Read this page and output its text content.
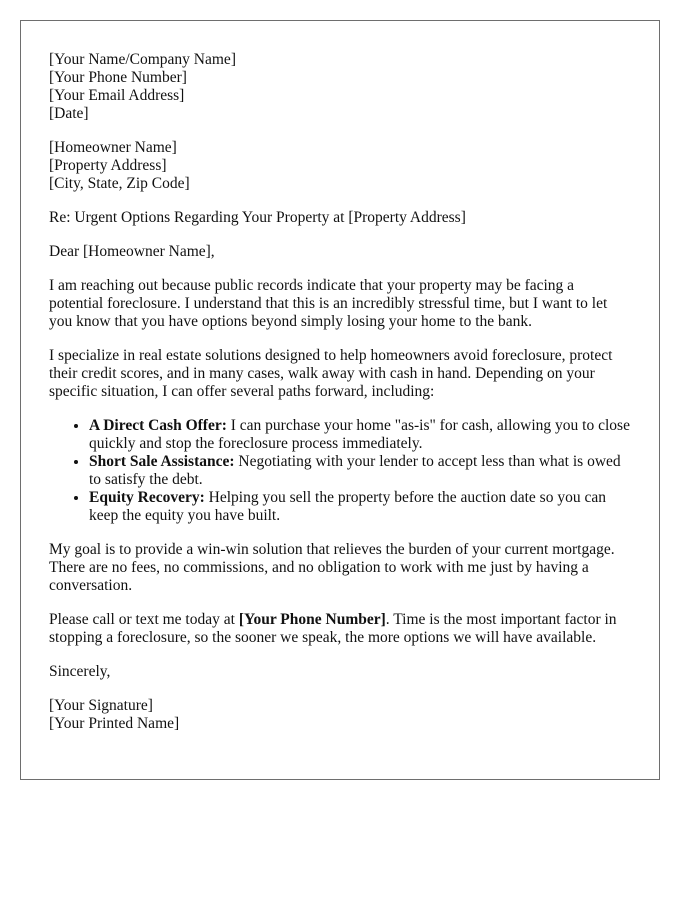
[Your Name/Company Name]
[Your Phone Number]
[Your Email Address]
[Date]
[Homeowner Name]
[Property Address]
[City, State, Zip Code]

Re: Urgent Options Regarding Your Property at [Property Address]

Dear [Homeowner Name],

I am reaching out because public records indicate that your property may be facing a potential foreclosure. I understand that this is an incredibly stressful time, but I want to let you know that you have options beyond simply losing your home to the bank.

I specialize in real estate solutions designed to help homeowners avoid foreclosure, protect their credit scores, and in many cases, walk away with cash in hand. Depending on your specific situation, I can offer several paths forward, including:

• A Direct Cash Offer: I can purchase your home "as-is" for cash, allowing you to close quickly and stop the foreclosure process immediately.
• Short Sale Assistance: Negotiating with your lender to accept less than what is owed to satisfy the debt.
• Equity Recovery: Helping you sell the property before the auction date so you can keep the equity you have built.

My goal is to provide a win-win solution that relieves the burden of your current mortgage. There are no fees, no commissions, and no obligation to work with me just by having a conversation.

Please call or text me today at [Your Phone Number]. Time is the most important factor in stopping a foreclosure, so the sooner we speak, the more options we will have available.

Sincerely,

[Your Signature]
[Your Printed Name]
